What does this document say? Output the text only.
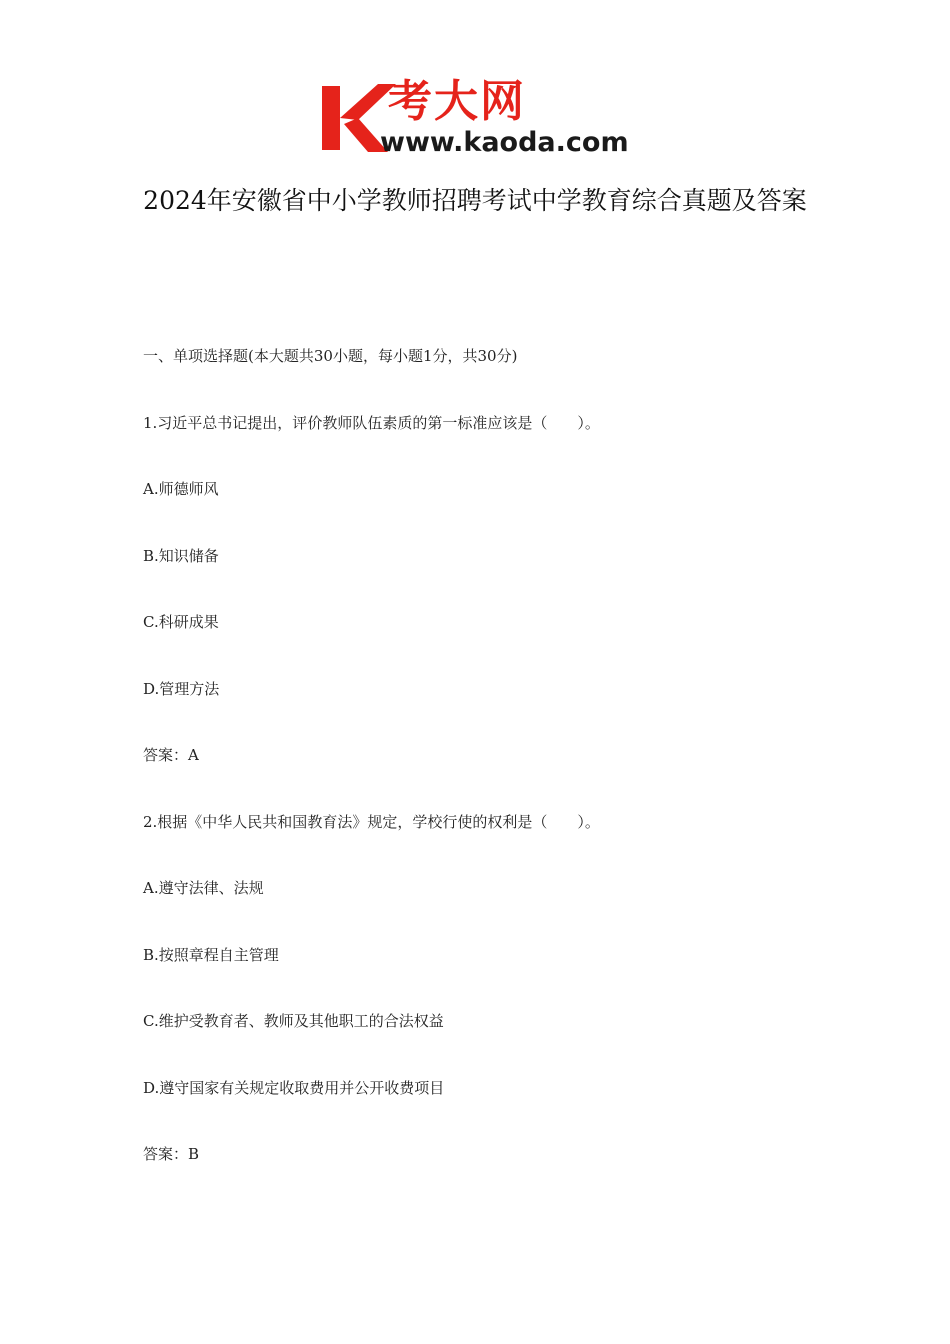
考大网
www.kaoda.com
2024年安徽省中小学教师招聘考试中学教育综合真题及答案
一、单项选择题(本大题共30小题，每小题1分，共30分)
1.习近平总书记提出，评价教师队伍素质的第一标准应该是（　　）。
A.师德师风
B.知识储备
C.科研成果
D.管理方法
答案：A
2.根据《中华人民共和国教育法》规定，学校行使的权利是（　　）。
A.遵守法律、法规
B.按照章程自主管理
C.维护受教育者、教师及其他职工的合法权益
D.遵守国家有关规定收取费用并公开收费项目
答案：B
